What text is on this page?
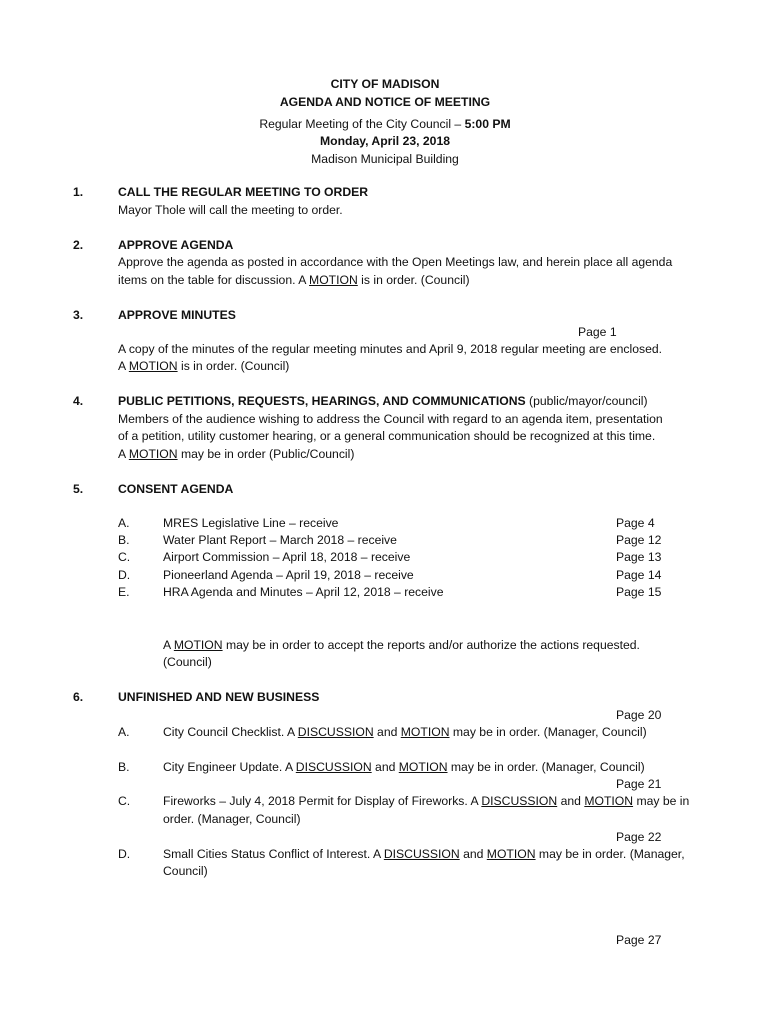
CITY OF MADISON
AGENDA AND NOTICE OF MEETING
Regular Meeting of the City Council – 5:00 PM
Monday, April 23, 2018
Madison Municipal Building
1.	CALL THE REGULAR MEETING TO ORDER
Mayor Thole will call the meeting to order.
2.	APPROVE AGENDA
Approve the agenda as posted in accordance with the Open Meetings law, and herein place all agenda
items on the table for discussion. A MOTION is in order. (Council)
3.	APPROVE MINUTES
Page 1
A copy of the minutes of the regular meeting minutes and April 9, 2018 regular meeting are enclosed.
A MOTION is in order. (Council)
4.	PUBLIC PETITIONS, REQUESTS, HEARINGS, AND COMMUNICATIONS (public/mayor/council)
Members of the audience wishing to address the Council with regard to an agenda item, presentation
of a petition, utility customer hearing, or a general communication should be recognized at this time.
A MOTION may be in order (Public/Council)
5.	CONSENT AGENDA
A.	MRES Legislative Line – receive	Page 4
B.	Water Plant Report – March 2018 – receive	Page 12
C.	Airport Commission – April 18, 2018 – receive	Page 13
D.	Pioneerland Agenda – April 19, 2018 – receive	Page 14
E.	HRA Agenda and Minutes – April 12, 2018 – receive	Page 15
A MOTION may be in order to accept the reports and/or authorize the actions requested.
(Council)
6.	UNFINISHED AND NEW BUSINESS
Page 20
A.	City Council Checklist. A DISCUSSION and MOTION may be in order. (Manager, Council)
B.	City Engineer Update. A DISCUSSION and MOTION may be in order. (Manager, Council)
Page 21
C.	Fireworks – July 4, 2018 Permit for Display of Fireworks. A DISCUSSION and MOTION may be in
order. (Manager, Council)
Page 22
D.	Small Cities Status Conflict of Interest. A DISCUSSION and MOTION may be in order. (Manager,
Council)
Page 27
